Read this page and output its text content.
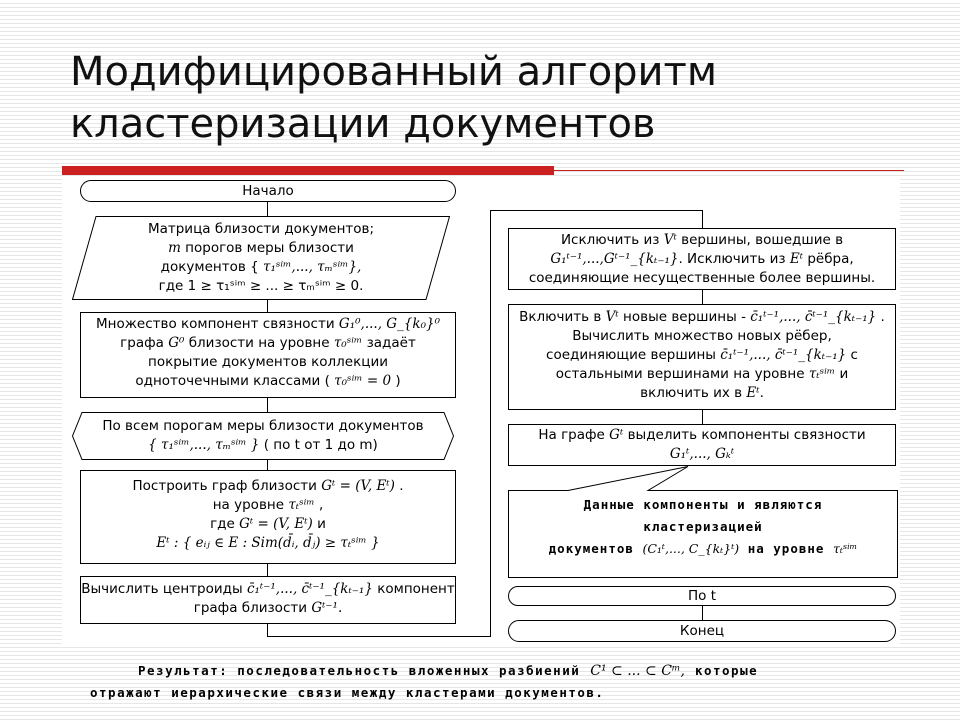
Модифицированный алгоритм
кластеризации документов
Начало
Матрица близости документов;
m порогов меры близости
документов { τ₁ˢⁱᵐ,..., τₘˢⁱᵐ},
где 1 ≥ τ₁ˢⁱᵐ ≥ ... ≥ τₘˢⁱᵐ ≥ 0.
Множество компонент связности G₁⁰,..., G_{k₀}⁰
графа G⁰ близости на уровне τ₀ˢⁱᵐ задаёт
покрытие документов коллекции
одноточечными классами ( τ₀ˢⁱᵐ = 0 )
По всем порогам меры близости документов
{ τ₁ˢⁱᵐ,..., τₘˢⁱᵐ } ( по t от 1 до m)
Построить граф близости Gᵗ = (V, Eᵗ) .
на уровне τₜˢⁱᵐ ,
где Gᵗ = (V, Eᵗ) и
Eᵗ : { eᵢⱼ ∈ E : Sim(d̄ᵢ, d̄ⱼ) ≥ τₜˢⁱᵐ }
Вычислить центроиды c̄₁ᵗ⁻¹,..., c̄ᵗ⁻¹_{kₜ₋₁} компонент
графа близости Gᵗ⁻¹.
Исключить из Vᵗ вершины, вошедшие в
G₁ᵗ⁻¹,...,Gᵗ⁻¹_{kₜ₋₁}. Исключить из Eᵗ рёбра,
соединяющие несущественные более вершины.
Включить в Vᵗ новые вершины - c̄₁ᵗ⁻¹,..., c̄ᵗ⁻¹_{kₜ₋₁} .
Вычислить множество новых рёбер,
соединяющие вершины c̄₁ᵗ⁻¹,..., c̄ᵗ⁻¹_{kₜ₋₁} с
остальными вершинами на уровне τₜˢⁱᵐ и
включить их в Eᵗ.
На графе Gᵗ выделить компоненты связности
G₁ᵗ,..., Gₖᵗ
Данные компоненты и являются
кластеризацией
документов (C₁ᵗ,..., C_{kₜ}ᵗ) на уровне τₜˢⁱᵐ
По t
Конец
Результат: последовательность вложенных разбиений C¹ ⊂ ... ⊂ Cᵐ, которые
отражают иерархические связи между кластерами документов.
